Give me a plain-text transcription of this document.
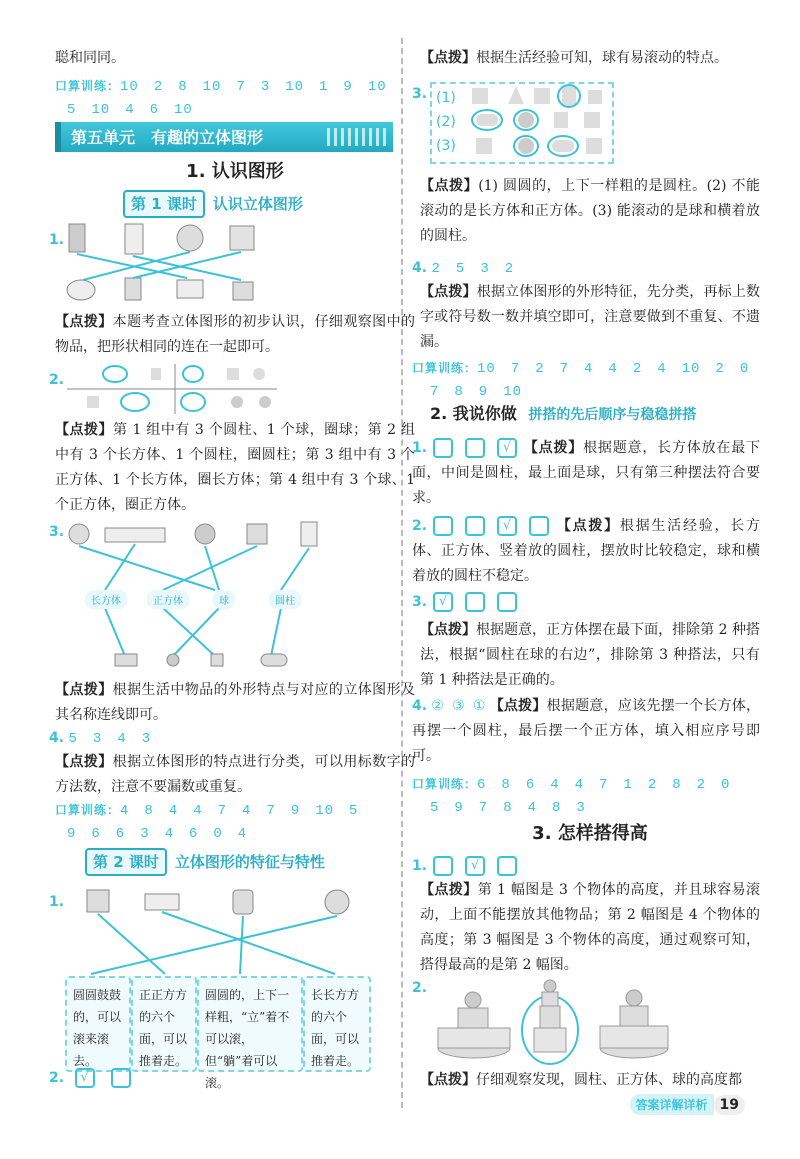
聪和同同。
口算训练：10　2　8　10　7　3　10　1　9　10
5　10　4　6　10
第五单元　有趣的立体图形
1. 认识图形
第 1 课时 认识立体图形
1.
【点拨】本题考查立体图形的初步认识，仔细观察图中的物品，把形状相同的连在一起即可。
2.
【点拨】第 1 组中有 3 个圆柱、1 个球，圈球；第 2 组中有 3 个长方体、1 个圆柱，圈圆柱；第 3 组中有 3 个正方体、1 个长方体，圈长方体；第 4 组中有 3 个球、1 个正方体，圈正方体。
3.
长方体	正方体	球	圆柱
【点拨】根据生活中物品的外形特点与对应的立体图形及其名称连线即可。
4. 5　3　4　3
【点拨】根据立体图形的特点进行分类，可以用标数字的方法数，注意不要漏数或重复。
口算训练：4　8　4　4　7　4　7　9　10　5
9　6　6　3　4　6　0　4
第 2 课时 立体图形的特征与特性
1.
圆圆鼓鼓的，可以滚来滚去。
正正方方的六个面，可以推着走。
圆圆的，上下一样粗，“立”着不可以滚，但“躺”着可以滚。
长长方方的六个面，可以推着走。
2. √
【点拨】根据生活经验可知，球有易滚动的特点。
3. (1)
(2)
(3)
【点拨】(1) 圆圆的，上下一样粗的是圆柱。(2) 不能滚动的是长方体和正方体。(3) 能滚动的是球和横着放的圆柱。
4. 2　5　3　2
【点拨】根据立体图形的外形特征，先分类，再标上数字或符号数一数并填空即可，注意要做到不重复、不遗漏。
口算训练：10　7　2　7　4　4　2　4　10　2　0
7　8　9　10
2. 我说你做 拼搭的先后顺序与稳稳拼搭
1.	√ 【点拨】根据题意，长方体放在最下面，中间是圆柱，最上面是球，只有第三种摆法符合要求。
2.	√	【点拨】根据生活经验，长方体、正方体、竖着放的圆柱，摆放时比较稳定，球和横着放的圆柱不稳定。
3. √
【点拨】根据题意，正方体摆在最下面，排除第 2 种搭法，根据“圆柱在球的右边”，排除第 3 种搭法，只有第 1 种搭法是正确的。
4. ② ③ ① 【点拨】根据题意，应该先摆一个长方体，再摆一个圆柱，最后摆一个正方体，填入相应序号即可。
口算训练：6　8　6　4　4　7　1　2　8　2　0
5　9　7　8　4　8　3
3. 怎样搭得高
1.	√
【点拨】第 1 幅图是 3 个物体的高度，并且球容易滚动，上面不能摆放其他物品；第 2 幅图是 4 个物体的高度；第 3 幅图是 3 个物体的高度，通过观察可知，搭得最高的是第 2 幅图。
2.
【点拨】仔细观察发现，圆柱、正方体、球的高度都
答案详解详析 19
